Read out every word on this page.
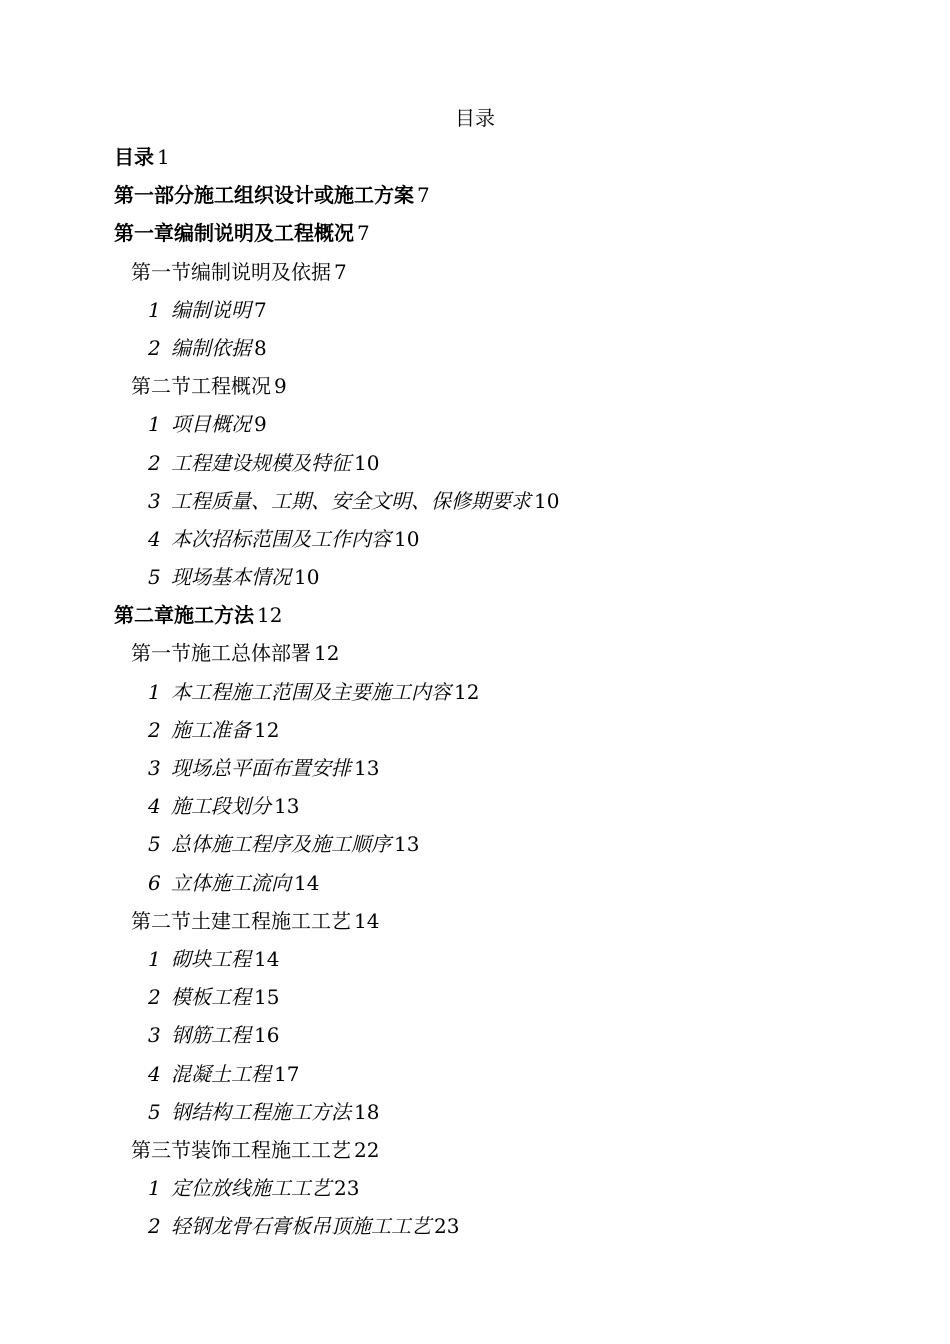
目录
目录 1
第一部分施工组织设计或施工方案 7
第一章编制说明及工程概况 7
第一节编制说明及依据 7
1 编制说明 7
2 编制依据 8
第二节工程概况 9
1 项目概况 9
2 工程建设规模及特征 10
3 工程质量、工期、安全文明、保修期要求 10
4 本次招标范围及工作内容 10
5 现场基本情况 10
第二章施工方法 12
第一节施工总体部署 12
1 本工程施工范围及主要施工内容 12
2 施工准备 12
3 现场总平面布置安排 13
4 施工段划分 13
5 总体施工程序及施工顺序 13
6 立体施工流向 14
第二节土建工程施工工艺 14
1 砌块工程 14
2 模板工程 15
3 钢筋工程 16
4 混凝土工程 17
5 钢结构工程施工方法 18
第三节装饰工程施工工艺 22
1 定位放线施工工艺 23
2 轻钢龙骨石膏板吊顶施工工艺 23
